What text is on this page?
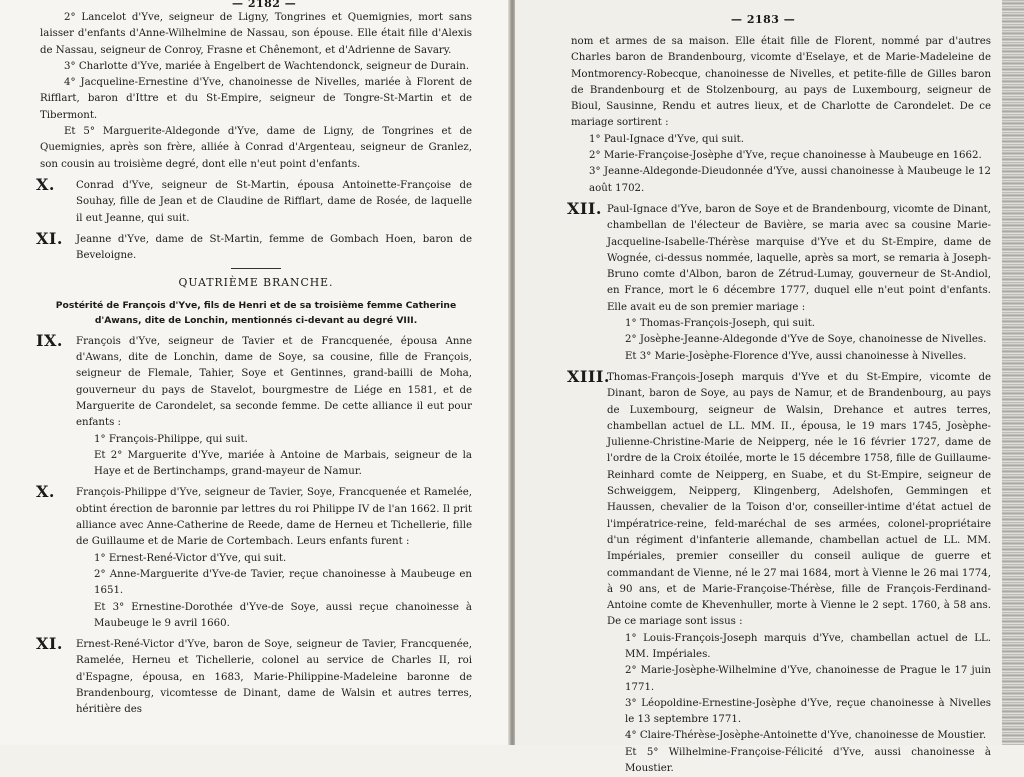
— 2182 —

2° Lancelot d'Yve, seigneur de Ligny, Tongrines et Quemignies, mort sans laisser d'enfants d'Anne-Wilhelmine de Nassau, son épouse. Elle était fille d'Alexis de Nassau, seigneur de Conroy, Frasne et Chênemont, et d'Adrienne de Savary.

3° Charlotte d'Yve, mariée à Engelbert de Wachtendonck, seigneur de Durain.

4° Jacqueline-Ernestine d'Yve, chanoinesse de Nivelles, mariée à Florent de Rifflart, baron d'Ittre et du St-Empire, seigneur de Tongre-St-Martin et de Tibermont.

Et 5° Marguerite-Aldegonde d'Yve, dame de Ligny, de Tongrines et de Quemignies, après son frère, alliée à Conrad d'Argenteau, seigneur de Granlez, son cousin au troisième degré, dont elle n'eut point d'enfants.

X. Conrad d'Yve, seigneur de St-Martin, épousa Antoinette-Françoise de Souhay, fille de Jean et de Claudine de Rifflart, dame de Rosée, de laquelle il eut Jeanne, qui suit.

XI. Jeanne d'Yve, dame de St-Martin, femme de Gombach Hoen, baron de Beveloigne.

QUATRIÈME BRANCHE.
Postérité de François d'Yve, fils de Henri et de sa troisième femme Catherine d'Awans, dite de Lonchin, mentionnés ci-devant au degré VIII.
IX. François d'Yve, seigneur de Tavier et de Francquenée, épousa Anne d'Awans, dite de Lonchin, dame de Soye, sa cousine, fille de François, seigneur de Flemale, Tahier, Soye et Gentinnes, grand-bailli de Moha, gouverneur du pays de Stavelot, bourgmestre de Liége en 1581, et de Marguerite de Carondelet, sa seconde femme. De cette alliance il eut pour enfants :

1° François-Philippe, qui suit.

Et 2° Marguerite d'Yve, mariée à Antoine de Marbais, seigneur de la Haye et de Bertinchamps, grand-mayeur de Namur.

X. François-Philippe d'Yve, seigneur de Tavier, Soye, Francquenée et Ramelée, obtint érection de baronnie par lettres du roi Philippe IV de l'an 1662. Il prit alliance avec Anne-Catherine de Reede, dame de Herneu et Tichellerie, fille de Guillaume et de Marie de Cortembach. Leurs enfants furent :

1° Ernest-René-Victor d'Yve, qui suit.

2° Anne-Marguerite d'Yve-de Tavier, reçue chanoinesse à Maubeuge en 1651.

Et 3° Ernestine-Dorothée d'Yve-de Soye, aussi reçue chanoinesse à Maubeuge le 9 avril 1660.

XI. Ernest-René-Victor d'Yve, baron de Soye, seigneur de Tavier, Francquenée, Ramelée, Herneu et Tichellerie, colonel au service de Charles II, roi d'Espagne, épousa, en 1683, Marie-Philippine-Madeleine baronne de Brandenbourg, vicomtesse de Dinant, dame de Walsin et autres terres, héritière des

— 2183 —

nom et armes de sa maison. Elle était fille de Florent, nommé par d'autres Charles baron de Brandenbourg, vicomte d'Eselaye, et de Marie-Madeleine de Montmorency-Robecque, chanoinesse de Nivelles, et petite-fille de Gilles baron de Brandenbourg et de Stolzenbourg, au pays de Luxembourg, seigneur de Bioul, Sausinne, Rendu et autres lieux, et de Charlotte de Carondelet. De ce mariage sortirent :

1° Paul-Ignace d'Yve, qui suit.

2° Marie-Françoise-Josèphe d'Yve, reçue chanoinesse à Maubeuge en 1662.

3° Jeanne-Aldegonde-Dieudonnée d'Yve, aussi chanoinesse à Maubeuge le 12 août 1702.

XII. Paul-Ignace d'Yve, baron de Soye et de Brandenbourg, vicomte de Dinant, chambellan de l'électeur de Bavière, se maria avec sa cousine Marie-Jacqueline-Isabelle-Thérèse marquise d'Yve et du St-Empire, dame de Wognée, ci-dessus nommée, laquelle, après sa mort, se remaria à Joseph-Bruno comte d'Albon, baron de Zétrud-Lumay, gouverneur de St-Andiol, en France, mort le 6 décembre 1777, duquel elle n'eut point d'enfants. Elle avait eu de son premier mariage :

1° Thomas-François-Joseph, qui suit.

2° Josèphe-Jeanne-Aldegonde d'Yve de Soye, chanoinesse de Nivelles.

Et 3° Marie-Josèphe-Florence d'Yve, aussi chanoinesse à Nivelles.

XIII.

Thomas-François-Joseph marquis d'Yve et du St-Empire, vicomte de Dinant, baron de Soye, au pays de Namur, et de Brandenbourg, au pays de Luxembourg, seigneur de Walsin, Drehance et autres terres, chambellan actuel de LL. MM. II., épousa, le 19 mars 1745, Josèphe-Julienne-Christine-Marie de Neipperg, née le 16 février 1727, dame de l'ordre de la Croix étoilée, morte le 15 décembre 1758, fille de Guillaume-Reinhard comte de Neipperg, en Suabe, et du St-Empire, seigneur de Schweiggem, Neipperg, Klingenberg, Adelshofen, Gemmingen et Haussen, chevalier de la Toison d'or, conseiller-intime d'état actuel de l'impératrice-reine, feld-maréchal de ses armées, colonel-propriétaire d'un régiment d'infanterie allemande, chambellan actuel de LL. MM. Impériales, premier conseiller du conseil aulique de guerre et commandant de Vienne, né le 27 mai 1684, mort à Vienne le 26 mai 1774, à 90 ans, et de Marie-Françoise-Thérèse, fille de François-Ferdinand-Antoine comte de Khevenhuller, morte à Vienne le 2 sept. 1760, à 58 ans. De ce mariage sont issus :

1° Louis-François-Joseph marquis d'Yve, chambellan actuel de LL. MM. Impériales.

2° Marie-Josèphe-Wilhelmine d'Yve, chanoinesse de Prague le 17 juin 1771.

3° Léopoldine-Ernestine-Josèphe d'Yve, reçue chanoinesse à Nivelles le 13 septembre 1771.

4° Claire-Thérèse-Josèphe-Antoinette d'Yve, chanoinesse de Moustier.

Et 5° Wilhelmine-Françoise-Félicité d'Yve, aussi chanoinesse à Moustier.
